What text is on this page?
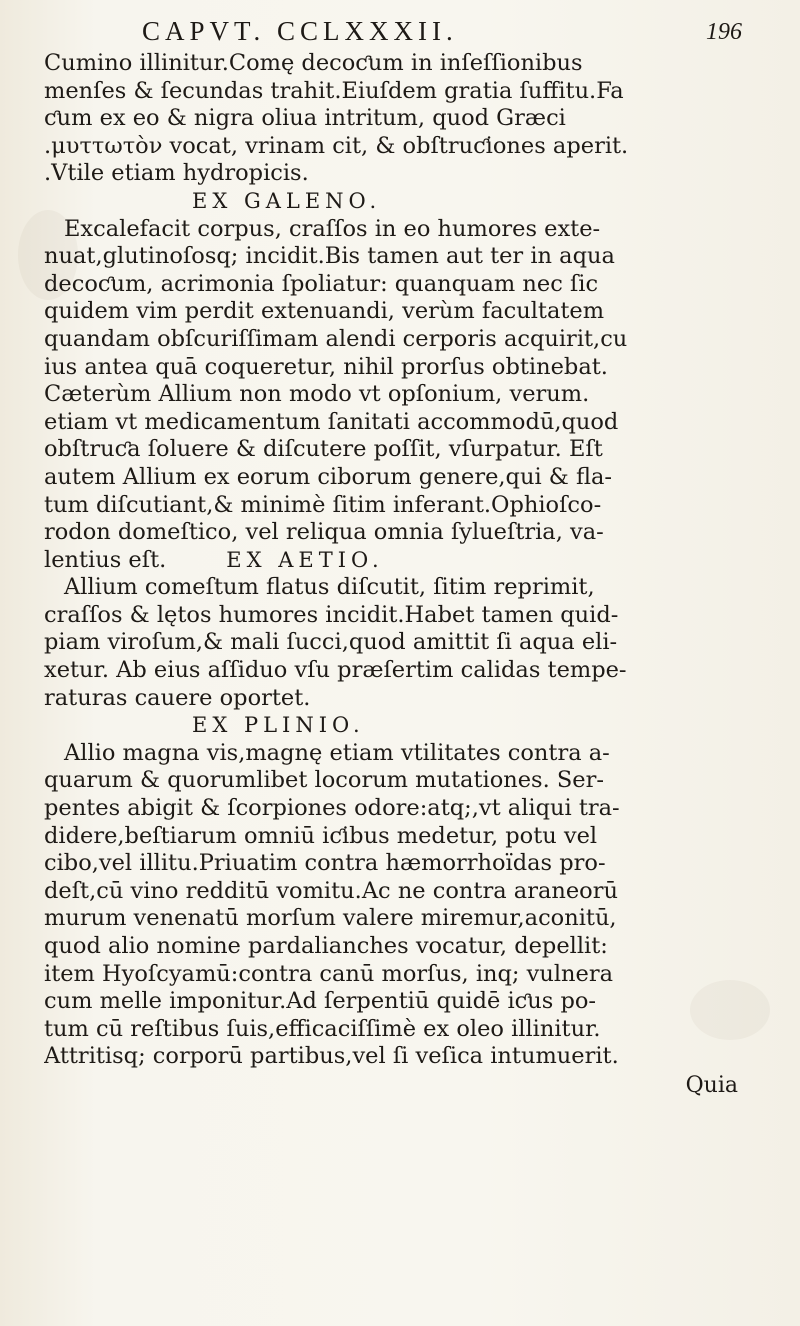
CAPVT. CCLXXXII.	196
Cumino illinitur.Comę decoƈum in inſeſſionibus
menſes & ſecundas trahit.Eiuſdem gratia ſuffitu.Fa
ƈum ex eo & nigra oliua intritum, quod Græci
.μυττωτὸν vocat, vrinam cit, & obſtruƈiones aperit.
.Vtile etiam hydropicis.
EX GALENO.
Excalefacit corpus, craſſos in eo humores exte-
nuat,glutinoſosq; incidit.Bis tamen aut ter in aqua
decoƈum, acrimonia ſpoliatur: quanquam nec ſic
quidem vim perdit extenuandi, verùm facultatem
quandam obſcuriſſimam alendi cerporis acquirit,cu
ius antea quā coqueretur, nihil prorſus obtinebat.
Cæterùm Allium non modo vt opſonium, verum.
etiam vt medicamentum ſanitati accommodū,quod
obſtruƈa ſoluere & diſcutere poſſit, vſurpatur. Eſt
autem Allium ex eorum ciborum genere,qui & fla-
tum diſcutiant,& minimè ſitim inferant.Ophioſco-
rodon domeſtico, vel reliqua omnia ſylueſtria, va-
lentius eſt.	EX AETIO.
Allium comeſtum flatus diſcutit, ſitim reprimit,
craſſos & lętos humores incidit.Habet tamen quid-
piam viroſum,& mali ſucci,quod amittit ſi aqua eli-
xetur. Ab eius aſſiduo vſu præſertim calidas tempe-
raturas cauere oportet.
EX PLINIO.
Allio magna vis,magnę etiam vtilitates contra a-
quarum & quorumlibet locorum mutationes. Ser-
pentes abigit & ſcorpiones odore:atq;,vt aliqui tra-
didere,beſtiarum omniū iƈibus medetur, potu vel
cibo,vel illitu.Priuatim contra hæmorrhoïdas pro-
deſt,cū vino redditū vomitu.Ac ne contra araneorū
murum venenatū morſum valere miremur,aconitū,
quod alio nomine pardalianches vocatur, depellit:
item Hyoſcyamū:contra canū morſus, inq; vulnera
cum melle imponitur.Ad ſerpentiū quidē iƈus po-
tum cū reſtibus ſuis,efficaciſſimè ex oleo illinitur.
Attritisq; corporū partibus,vel ſi veſica intumuerit.
Quia
